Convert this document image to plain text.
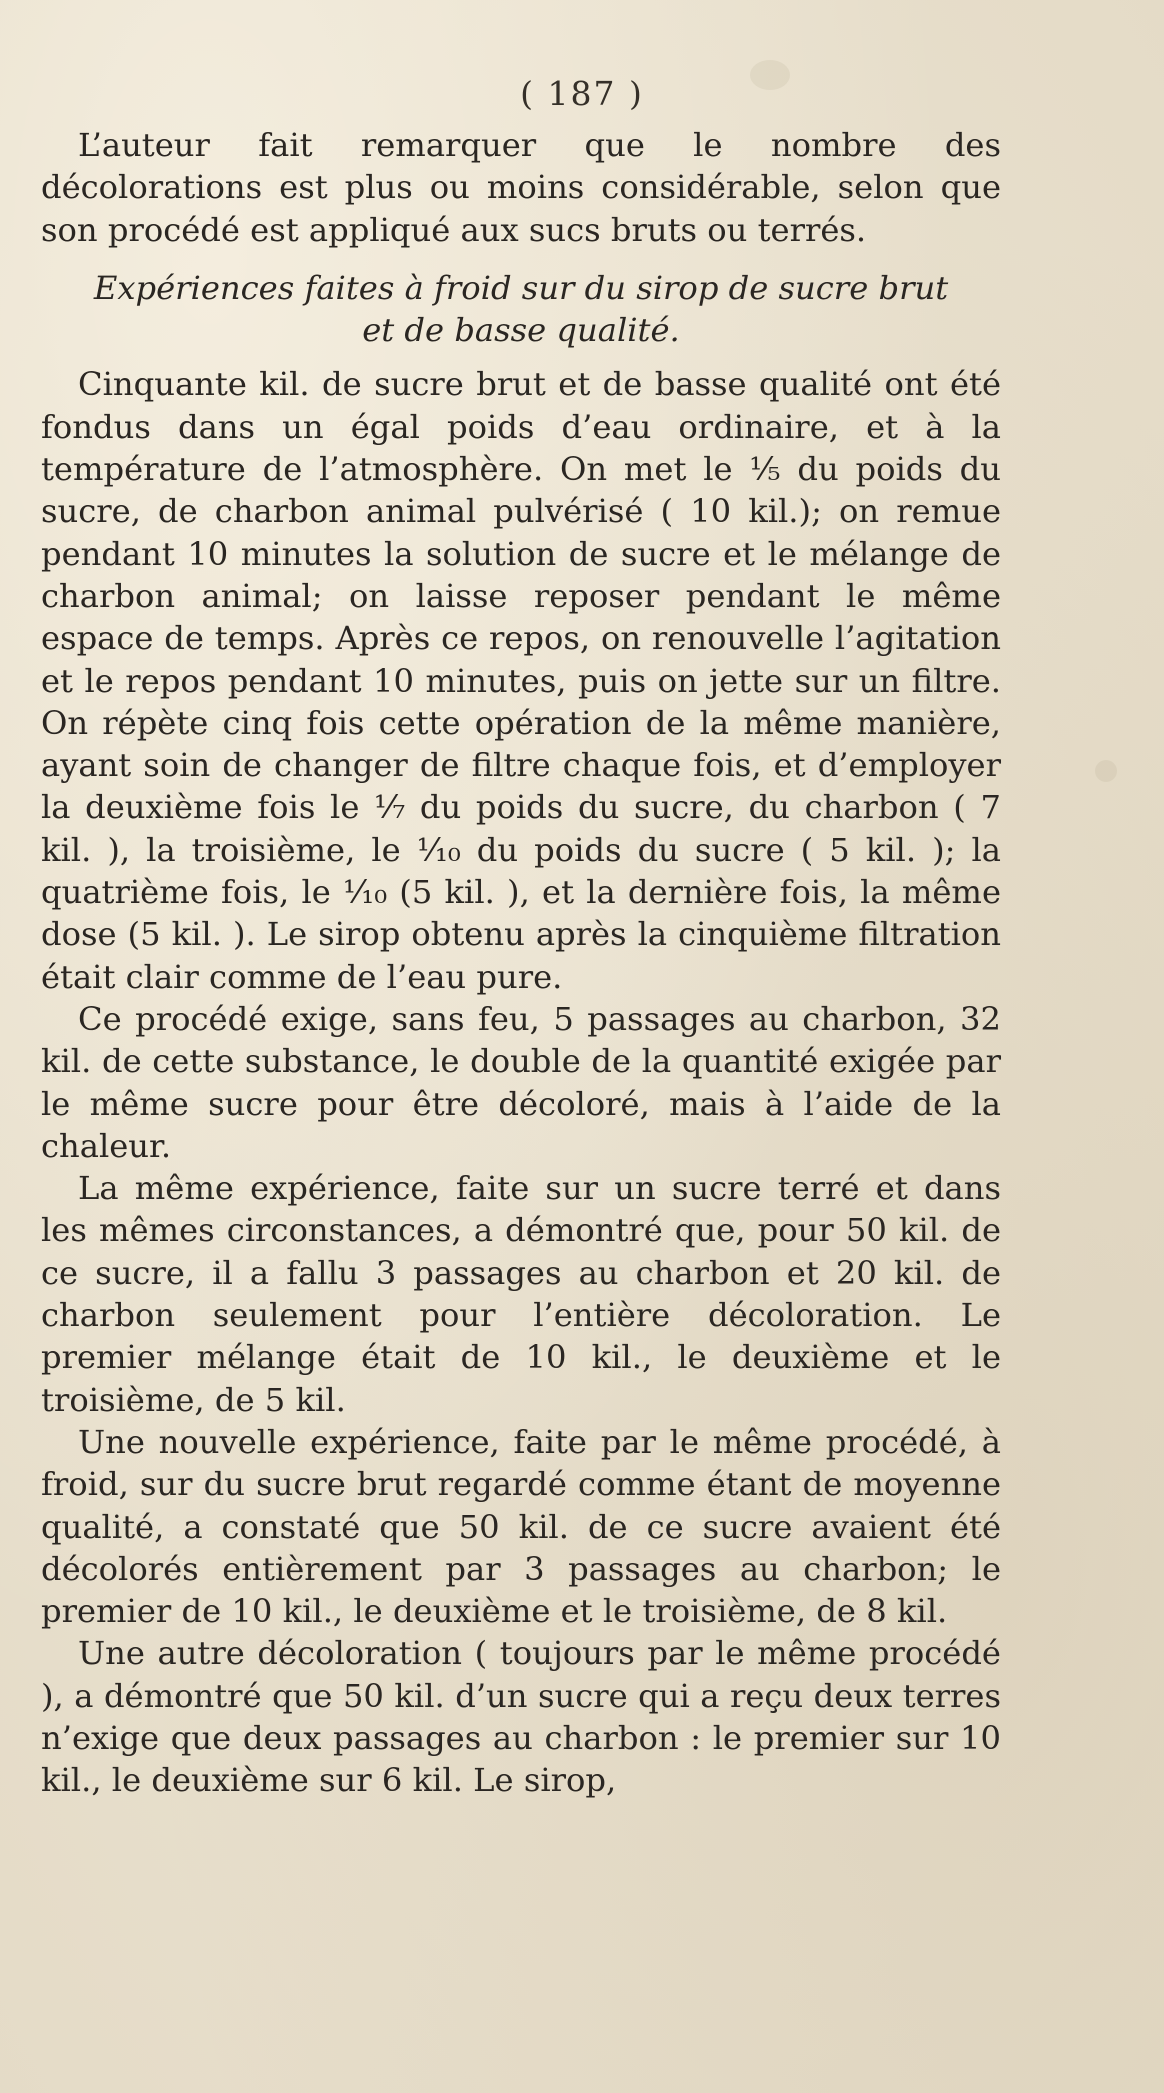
( 187 )

L’auteur fait remarquer que le nombre des décolorations est plus ou moins considérable, selon que son procédé est appliqué aux sucs bruts ou terrés.

Expériences faites à froid sur du sirop de sucre brut et de basse qualité.

Cinquante kil. de sucre brut et de basse qualité ont été fondus dans un égal poids d’eau ordinaire, et à la température de l’atmosphère. On met le ¹⁄₅ du poids du sucre, de charbon animal pulvérisé ( 10 kil.); on remue pendant 10 minutes la solution de sucre et le mélange de charbon animal; on laisse reposer pendant le même espace de temps. Après ce repos, on renouvelle l’agitation et le repos pendant 10 minutes, puis on jette sur un filtre. On répète cinq fois cette opération de la même manière, ayant soin de changer de filtre chaque fois, et d’employer la deuxième fois le ¹⁄₇ du poids du sucre, du charbon ( 7 kil. ), la troisième, le ¹⁄₁₀ du poids du sucre ( 5 kil. ); la quatrième fois, le ¹⁄₁₀ (5 kil. ), et la dernière fois, la même dose (5 kil. ). Le sirop obtenu après la cinquième filtration était clair comme de l’eau pure.

Ce procédé exige, sans feu, 5 passages au charbon, 32 kil. de cette substance, le double de la quantité exigée par le même sucre pour être décoloré, mais à l’aide de la chaleur.

La même expérience, faite sur un sucre terré et dans les mêmes circonstances, a démontré que, pour 50 kil. de ce sucre, il a fallu 3 passages au charbon et 20 kil. de charbon seulement pour l’entière décoloration. Le premier mélange était de 10 kil., le deuxième et le troisième, de 5 kil.

Une nouvelle expérience, faite par le même procédé, à froid, sur du sucre brut regardé comme étant de moyenne qualité, a constaté que 50 kil. de ce sucre avaient été décolorés entièrement par 3 passages au charbon; le premier de 10 kil., le deuxième et le troisième, de 8 kil.

Une autre décoloration ( toujours par le même procédé ), a démontré que 50 kil. d’un sucre qui a reçu deux terres n’exige que deux passages au charbon : le premier sur 10 kil., le deuxième sur 6 kil. Le sirop,
